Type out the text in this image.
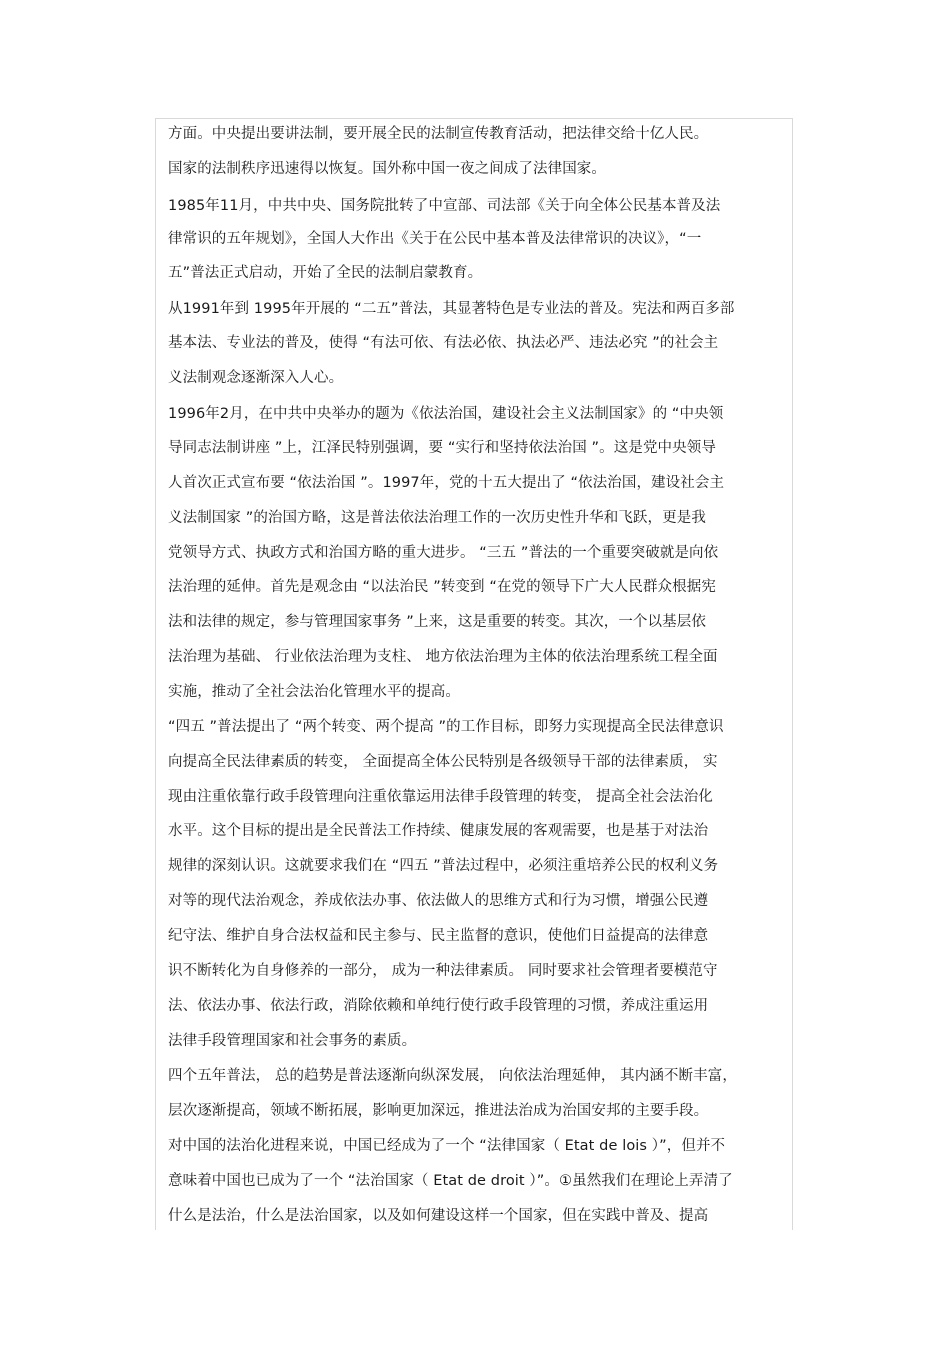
方面。中央提出要讲法制，要开展全民的法制宣传教育活动，把法律交给十亿人民。
国家的法制秩序迅速得以恢复。国外称中国一夜之间成了法律国家。
1985年11月，中共中央、国务院批转了中宣部、司法部《关于向全体公民基本普及法
律常识的五年规划》，全国人大作出《关于在公民中基本普及法律常识的决议》，“一
五”普法正式启动，开始了全民的法制启蒙教育。
从1991年到 1995年开展的 “二五”普法，其显著特色是专业法的普及。宪法和两百多部
基本法、专业法的普及，使得 “有法可依、有法必依、执法必严、违法必究 ”的社会主
义法制观念逐渐深入人心。
1996年2月，在中共中央举办的题为《依法治国，建设社会主义法制国家》的 “中央领
导同志法制讲座 ”上，江泽民特别强调，要 “实行和坚持依法治国 ”。这是党中央领导
人首次正式宣布要 “依法治国 ”。1997年，党的十五大提出了 “依法治国，建设社会主
义法制国家 ”的治国方略，这是普法依法治理工作的一次历史性升华和飞跃，更是我
党领导方式、执政方式和治国方略的重大进步。 “三五 ”普法的一个重要突破就是向依
法治理的延伸。首先是观念由 “以法治民 ”转变到 “在党的领导下广大人民群众根据宪
法和法律的规定，参与管理国家事务 ”上来，这是重要的转变。其次，一个以基层依
法治理为基础、 行业依法治理为支柱、 地方依法治理为主体的依法治理系统工程全面
实施，推动了全社会法治化管理水平的提高。
“四五 ”普法提出了 “两个转变、两个提高 ”的工作目标，即努力实现提高全民法律意识
向提高全民法律素质的转变， 全面提高全体公民特别是各级领导干部的法律素质， 实
现由注重依靠行政手段管理向注重依靠运用法律手段管理的转变， 提高全社会法治化
水平。这个目标的提出是全民普法工作持续、健康发展的客观需要，也是基于对法治
规律的深刻认识。这就要求我们在 “四五 ”普法过程中，必须注重培养公民的权利义务
对等的现代法治观念，养成依法办事、依法做人的思维方式和行为习惯，增强公民遵
纪守法、维护自身合法权益和民主参与、民主监督的意识，使他们日益提高的法律意
识不断转化为自身修养的一部分， 成为一种法律素质。 同时要求社会管理者要模范守
法、依法办事、依法行政，消除依赖和单纯行使行政手段管理的习惯，养成注重运用
法律手段管理国家和社会事务的素质。
四个五年普法， 总的趋势是普法逐渐向纵深发展， 向依法治理延伸， 其内涵不断丰富，
层次逐渐提高，领域不断拓展，影响更加深远，推进法治成为治国安邦的主要手段。
对中国的法治化进程来说，中国已经成为了一个 “法律国家（ Etat de lois ）”，但并不
意味着中国也已成为了一个 “法治国家（ Etat de droit ）”。①虽然我们在理论上弄清了
什么是法治，什么是法治国家，以及如何建设这样一个国家，但在实践中普及、提高
